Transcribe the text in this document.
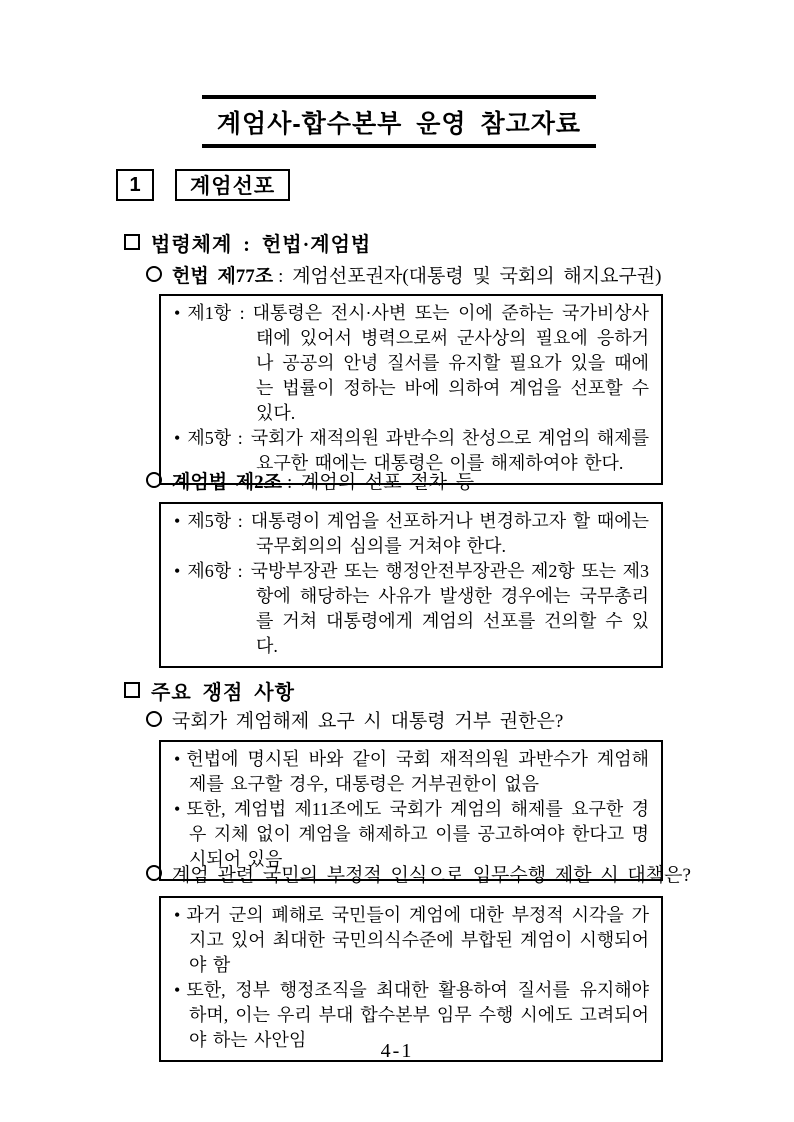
계엄사-합수본부 운영 참고자료
1	계엄선포
법령체계 : 헌법·계엄법
헌법 제77조 : 계엄선포권자(대통령 및 국회의 해지요구권)
• 제1항 : 대통령은 전시·사변 또는 이에 준하는 국가비상사태에 있어서 병력으로써 군사상의 필요에 응하거나 공공의 안녕 질서를 유지할 필요가 있을 때에는 법률이 정하는 바에 의하여 계엄을 선포할 수 있다.
• 제5항 : 국회가 재적의원 과반수의 찬성으로 계엄의 해제를 요구한 때에는 대통령은 이를 해제하여야 한다.
계엄법 제2조 : 계엄의 선포 절차 등
• 제5항 : 대통령이 계엄을 선포하거나 변경하고자 할 때에는 국무회의의 심의를 거쳐야 한다.
• 제6항 : 국방부장관 또는 행정안전부장관은 제2항 또는 제3항에 해당하는 사유가 발생한 경우에는 국무총리를 거쳐 대통령에게 계엄의 선포를 건의할 수 있다.
주요 쟁점 사항
국회가 계엄해제 요구 시 대통령 거부 권한은?
• 헌법에 명시된 바와 같이 국회 재적의원 과반수가 계엄해제를 요구할 경우, 대통령은 거부권한이 없음
• 또한, 계엄법 제11조에도 국회가 계엄의 해제를 요구한 경우 지체 없이 계엄을 해제하고 이를 공고하여야 한다고 명시되어 있음
계엄 관련 국민의 부정적 인식으로 임무수행 제한 시 대책은?
• 과거 군의 폐해로 국민들이 계엄에 대한 부정적 시각을 가지고 있어 최대한 국민의식수준에 부합된 계엄이 시행되어야 함
• 또한, 정부 행정조직을 최대한 활용하여 질서를 유지해야 하며, 이는 우리 부대 합수본부 임무 수행 시에도 고려되어야 하는 사안임	4-1
